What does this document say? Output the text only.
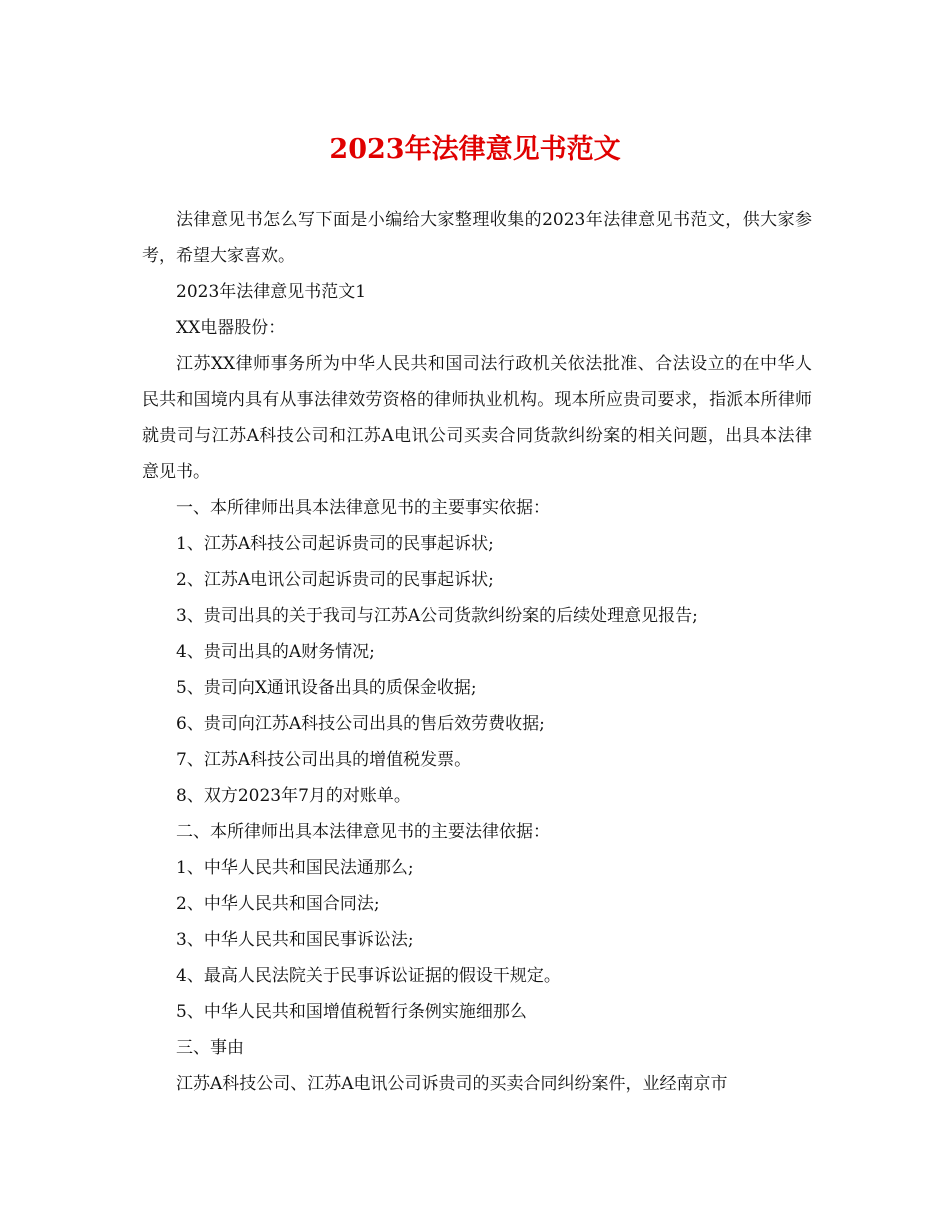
2023年法律意见书范文

法律意见书怎么写下面是小编给大家整理收集的2023年法律意见书范文，供大家参考，希望大家喜欢。

2023年法律意见书范文1

XX电器股份：

江苏XX律师事务所为中华人民共和国司法行政机关依法批准、合法设立的在中华人民共和国境内具有从事法律效劳资格的律师执业机构。现本所应贵司要求，指派本所律师就贵司与江苏A科技公司和江苏A电讯公司买卖合同货款纠纷案的相关问题，出具本法律意见书。

一、本所律师出具本法律意见书的主要事实依据：

1、江苏A科技公司起诉贵司的民事起诉状;

2、江苏A电讯公司起诉贵司的民事起诉状;

3、贵司出具的关于我司与江苏A公司货款纠纷案的后续处理意见报告;

4、贵司出具的A财务情况;

5、贵司向X通讯设备出具的质保金收据;

6、贵司向江苏A科技公司出具的售后效劳费收据;

7、江苏A科技公司出具的增值税发票。

8、双方2023年7月的对账单。

二、本所律师出具本法律意见书的主要法律依据：

1、中华人民共和国民法通那么;

2、中华人民共和国合同法;

3、中华人民共和国民事诉讼法;

4、最高人民法院关于民事诉讼证据的假设干规定。

5、中华人民共和国增值税暂行条例实施细那么

三、事由

江苏A科技公司、江苏A电讯公司诉贵司的买卖合同纠纷案件，业经南京市
